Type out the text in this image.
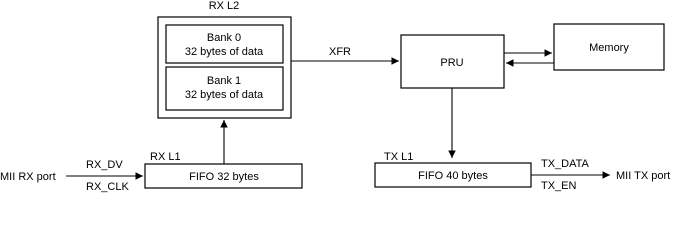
RX L2
Bank 0
32 bytes of data
Bank 1
32 bytes of data
XFR
PRU
Memory
RX L1
FIFO 32 bytes
MII RX port
RX_DV
RX_CLK
TX L1
FIFO 40 bytes
TX_DATA
TX_EN
MII TX port
